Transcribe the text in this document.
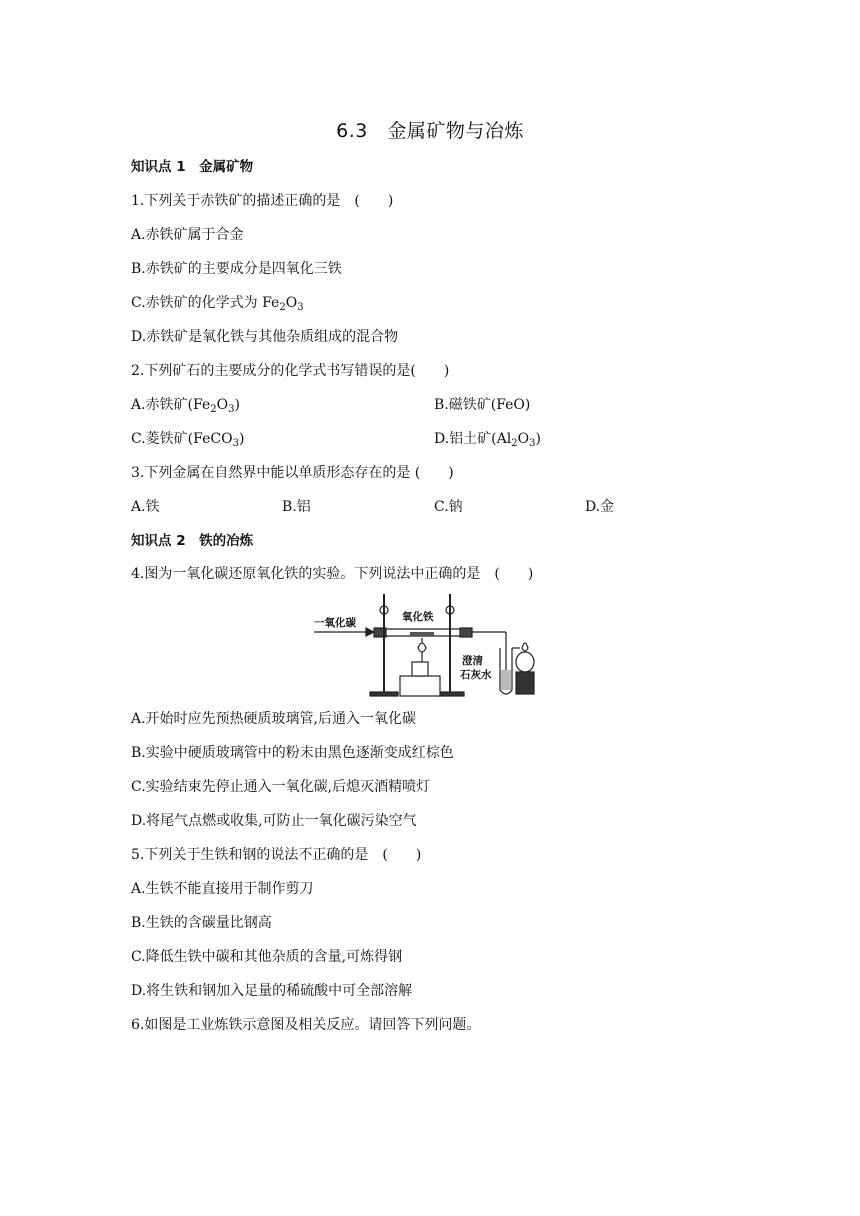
6.3　金属矿物与冶炼
知识点 1　金属矿物
1.下列关于赤铁矿的描述正确的是　(　　)
A.赤铁矿属于合金
B.赤铁矿的主要成分是四氧化三铁
C.赤铁矿的化学式为 $Fe_2O_3$
D.赤铁矿是氧化铁与其他杂质组成的混合物
2.下列矿石的主要成分的化学式书写错误的是(　　)
A.赤铁矿$(Fe_2O_3)$	B.磁铁矿(FeO)
C.菱铁矿(FeCO$_3$)	D.铝土矿$(Al_2O_3)$
3.下列金属在自然界中能以单质形态存在的是 (　　)
A.铁	B.铝	C.钠	D.金
知识点 2　铁的冶炼
4.图为一氧化碳还原氧化铁的实验。下列说法中正确的是　(　　)
一氧化碳	氧化铁
澄清
石灰水
A.开始时应先预热硬质玻璃管,后通入一氧化碳
B.实验中硬质玻璃管中的粉末由黑色逐渐变成红棕色
C.实验结束先停止通入一氧化碳,后熄灭酒精喷灯
D.将尾气点燃或收集,可防止一氧化碳污染空气
5.下列关于生铁和钢的说法不正确的是　(　　)
A.生铁不能直接用于制作剪刀
B.生铁的含碳量比钢高
C.降低生铁中碳和其他杂质的含量,可炼得钢
D.将生铁和钢加入足量的稀硫酸中可全部溶解
6.如图是工业炼铁示意图及相关反应。请回答下列问题。
